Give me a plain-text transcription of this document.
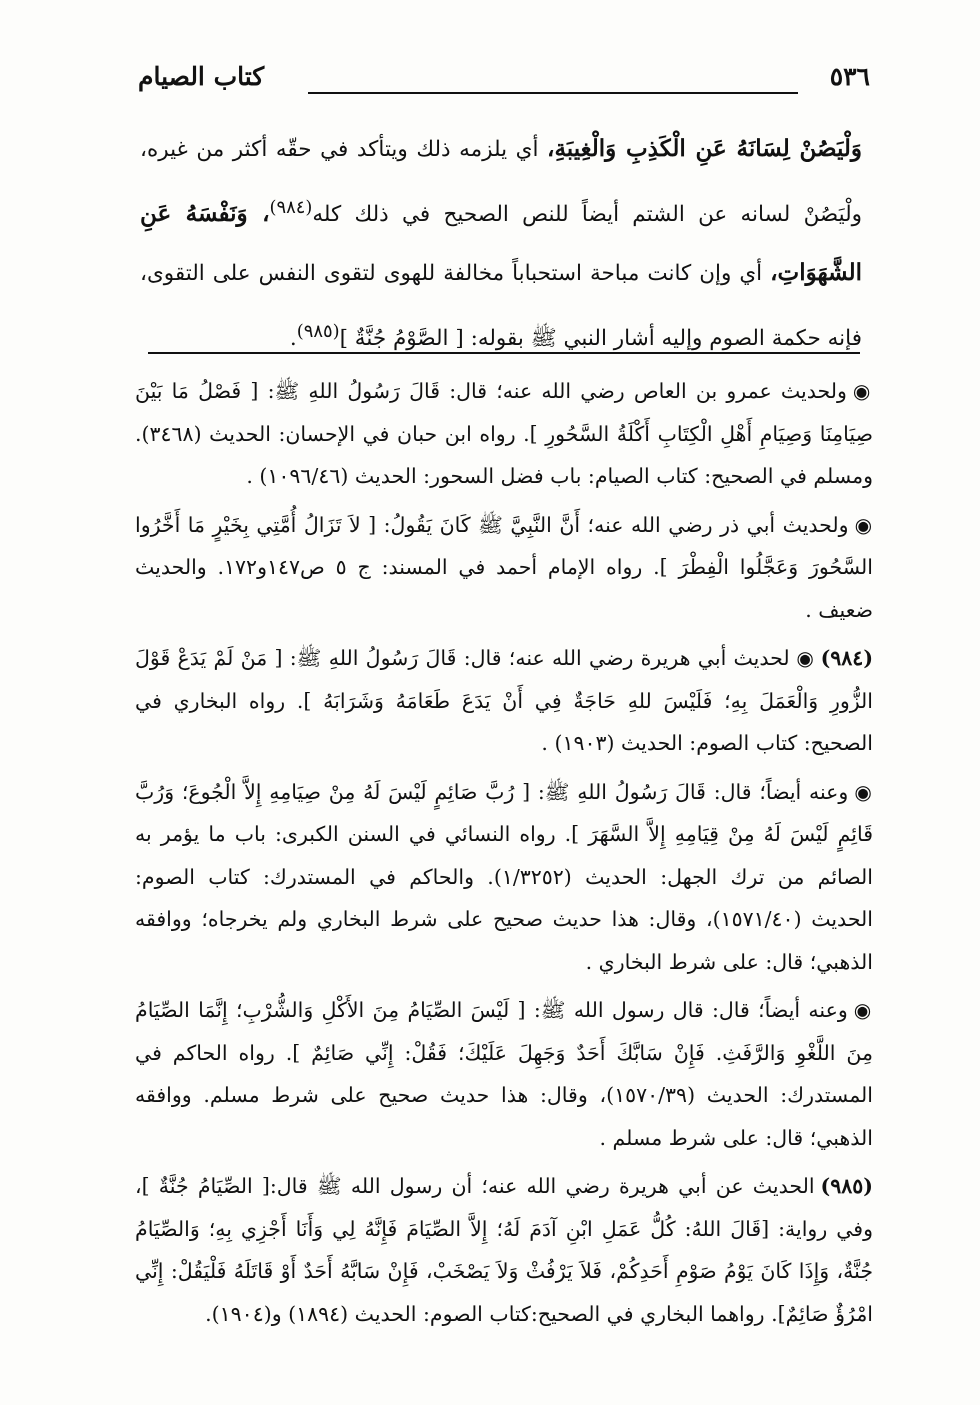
٥٣٦
كتاب الصيام
وَلْيَصُنْ لِسَانَهُ عَنِ الْكَذِبِ وَالْغِيبَةِ، أي يلزمه ذلك ويتأكد في حقّه أكثر من غيره، ولْيَصُنْ لسانه عن الشتم أيضاً للنص الصحيح في ذلك كله$^{(٩٨٤)}$، وَنَفْسَهُ عَنِ الشَّهَوَاتِ، أي وإن كانت مباحة استحباباً مخالفة للهوى لتقوى النفس على التقوى، فإنه حكمة الصوم وإليه أشار النبي ﷺ بقوله: [ الصَّوْمُ جُنَّةٌ ]$^{(٩٨٥)}$.
◉ولحديث عمرو بن العاص رضي الله عنه؛ قال: قَالَ رَسُولُ اللهِ ﷺ: [ فَصْلُ مَا بَيْنَ صِيَامِنَا وَصِيَامِ أَهْلِ الْكِتَابِ أَكْلَةُ السَّحُورِ ]. رواه ابن حبان في الإحسان: الحديث (٣٤٦٨). ومسلم في الصحيح: كتاب الصيام: باب فضل السحور: الحديث (١٠٩٦/٤٦) .
◉ولحديث أبي ذر رضي الله عنه؛ أَنَّ النَّبِيَّ ﷺ كَانَ يَقُولُ: [ لاَ تَزَالُ أُمَّتِي بِخَيْرٍ مَا أَخَّرُوا السَّحُورَ وَعَجَّلُوا الْفِطْرَ ]. رواه الإمام أحمد في المسند: ج ٥ ص١٤٧و١٧٢. والحديث ضعيف .
(٩٨٤)◉لحديث أبي هريرة رضي الله عنه؛ قال: قَالَ رَسُولُ اللهِ ﷺ: [ مَنْ لَمْ يَدَعْ قَوْلَ الزُّورِ وَالْعَمَلَ بِهِ؛ فَلَيْسَ للهِ حَاجَةٌ فِي أَنْ يَدَعَ طَعَامَهُ وَشَرَابَهُ ]. رواه البخاري في الصحيح: كتاب الصوم: الحديث (١٩٠٣) .
◉وعنه أيضاً؛ قال: قَالَ رَسُولُ اللهِ ﷺ: [ رُبَّ صَائِمٍ لَيْسَ لَهُ مِنْ صِيَامِهِ إِلاَّ الْجُوعَ؛ وَرُبَّ قَائِمٍ لَيْسَ لَهُ مِنْ قِيَامِهِ إِلاَّ السَّهَرَ ]. رواه النسائي في السنن الكبرى: باب ما يؤمر به الصائم من ترك الجهل: الحديث (١/٣٢٥٢). والحاكم في المستدرك: كتاب الصوم: الحديث (١٥٧١/٤٠)، وقال: هذا حديث صحيح على شرط البخاري ولم يخرجاه؛ ووافقه الذهبي؛ قال: على شرط البخاري .
◉وعنه أيضاً؛ قال: قال رسول الله ﷺ: [ لَيْسَ الصِّيَامُ مِنَ الأَكْلِ وَالشُّرْبِ؛ إِنَّمَا الصِّيَامُ مِنَ اللَّغْوِ وَالرَّفَثِ. فَإِنْ سَابَّكَ أَحَدٌ وَجَهِلَ عَلَيْكَ؛ فَقُلْ: إِنِّي صَائِمٌ ]. رواه الحاكم في المستدرك: الحديث (١٥٧٠/٣٩)، وقال: هذا حديث صحيح على شرط مسلم. ووافقه الذهبي؛ قال: على شرط مسلم .
(٩٨٥)الحديث عن أبي هريرة رضي الله عنه؛ أن رسول الله ﷺ قال:[ الصِّيَامُ جُنَّةٌ ]، وفي رواية: [قَالَ اللهُ: كُلُّ عَمَلِ ابْنِ آدَمَ لَهُ؛ إِلاَّ الصِّيَامَ فَإِنَّهُ لِي وَأَنَا أَجْزِي بِهِ؛ وَالصِّيَامُ جُنَّةٌ، وَإِذَا كَانَ يَوْمُ صَوْمِ أَحَدِكُمْ، فَلاَ يَرْفُثْ وَلاَ يَصْخَبْ، فَإِنْ سَابَّهُ أَحَدٌ أَوْ قَاتَلَهُ فَلْيَقُلْ: إِنِّي امْرُؤٌ صَائِمٌ]. رواهما البخاري في الصحيح:كتاب الصوم: الحديث (١٨٩٤) و(١٩٠٤).
